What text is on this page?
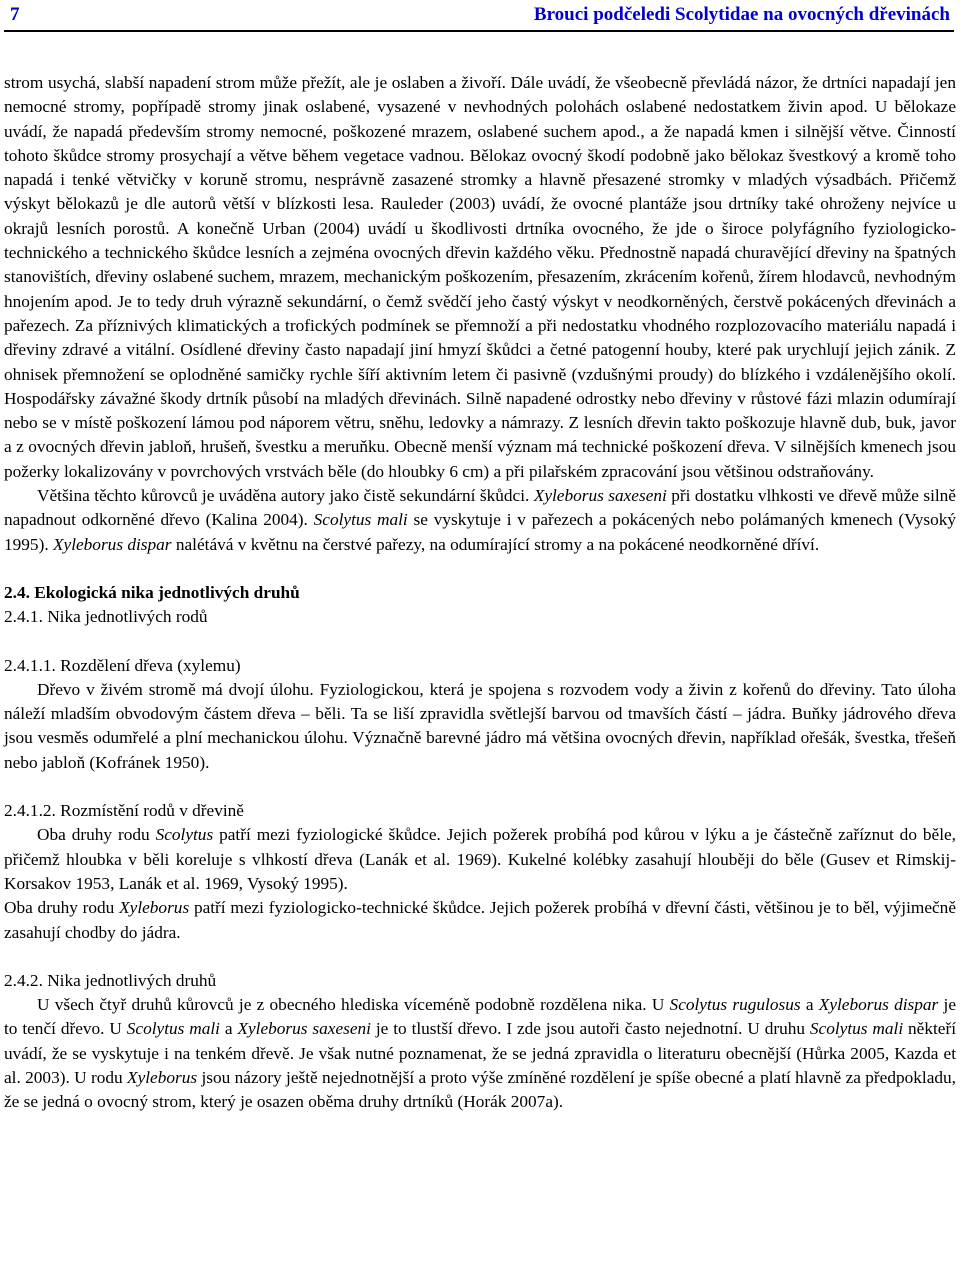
7	Brouci podčeledi Scolytidae na ovocných dřevinách

strom usychá, slabší napadení strom může přežít, ale je oslaben a živoří. Dále uvádí, že všeobecně převládá názor, že drtníci napadají jen nemocné stromy, popřípadě stromy jinak oslabené, vysazené v nevhodných polohách oslabené nedostatkem živin apod. U bělokaze uvádí, že napadá především stromy nemocné, poškozené mrazem, oslabené suchem apod., a že napadá kmen i silnější větve. Činností tohoto škůdce stromy prosychají a větve během vegetace vadnou. Bělokaz ovocný škodí podobně jako bělokaz švestkový a kromě toho napadá i tenké větvičky v koruně stromu, nesprávně zasazené stromky a hlavně přesazené stromky v mladých výsadbách. Přičemž výskyt bělokazů je dle autorů větší v blízkosti lesa. Rauleder (2003) uvádí, že ovocné plantáže jsou drtníky také ohroženy nejvíce u okrajů lesních porostů. A konečně Urban (2004) uvádí u škodlivosti drtníka ovocného, že jde o široce polyfágního fyziologicko-technického a technického škůdce lesních a zejména ovocných dřevin každého věku. Přednostně napadá churavějící dřeviny na špatných stanovištích, dřeviny oslabené suchem, mrazem, mechanickým poškozením, přesazením, zkrácením kořenů, žírem hlodavců, nevhodným hnojením apod. Je to tedy druh výrazně sekundární, o čemž svědčí jeho častý výskyt v neodkorněných, čerstvě pokácených dřevinách a pařezech. Za příznivých klimatických a trofických podmínek se přemnoží a při nedostatku vhodného rozplozovacího materiálu napadá i dřeviny zdravé a vitální. Osídlené dřeviny často napadají jiní hmyzí škůdci a četné patogenní houby, které pak urychlují jejich zánik. Z ohnisek přemnožení se oplodněné samičky rychle šíří aktivním letem či pasivně (vzdušnými proudy) do blízkého i vzdálenějšího okolí. Hospodářsky závažné škody drtník působí na mladých dřevinách. Silně napadené odrostky nebo dřeviny v růstové fázi mlazin odumírají nebo se v místě poškození lámou pod náporem větru, sněhu, ledovky a námrazy. Z lesních dřevin takto poškozuje hlavně dub, buk, javor a z ovocných dřevin jabloň, hrušeň, švestku a meruňku. Obecně menší význam má technické poškození dřeva. V silnějších kmenech jsou požerky lokalizovány v povrchových vrstvách běle (do hloubky 6 cm) a při pilařském zpracování jsou většinou odstraňovány.

Většina těchto kůrovců je uváděna autory jako čistě sekundární škůdci. Xyleborus saxeseni při dostatku vlhkosti ve dřevě může silně napadnout odkorněné dřevo (Kalina 2004). Scolytus mali se vyskytuje i v pařezech a pokácených nebo polámaných kmenech (Vysoký 1995). Xyleborus dispar nalétává v květnu na čerstvé pařezy, na odumírající stromy a na pokácené neodkorněné dříví.

2.4. Ekologická nika jednotlivých druhů

2.4.1. Nika jednotlivých rodů

2.4.1.1. Rozdělení dřeva (xylemu)

Dřevo v živém stromě má dvojí úlohu. Fyziologickou, která je spojena s rozvodem vody a živin z kořenů do dřeviny. Tato úloha náleží mladším obvodovým částem dřeva – běli. Ta se liší zpravidla světlejší barvou od tmavších částí – jádra. Buňky jádrového dřeva jsou vesměs odumřelé a plní mechanickou úlohu. Význačně barevné jádro má většina ovocných dřevin, například ořešák, švestka, třešeň nebo jabloň (Kofránek 1950).

2.4.1.2. Rozmístění rodů v dřevině

Oba druhy rodu Scolytus patří mezi fyziologické škůdce. Jejich požerek probíhá pod kůrou v lýku a je částečně zaříznut do běle, přičemž hloubka v běli koreluje s vlhkostí dřeva (Lanák et al. 1969). Kukelné kolébky zasahují hlouběji do běle (Gusev et Rimskij-Korsakov 1953, Lanák et al. 1969, Vysoký 1995).

Oba druhy rodu Xyleborus patří mezi fyziologicko-technické škůdce. Jejich požerek probíhá v dřevní části, většinou je to běl, výjimečně zasahují chodby do jádra.

2.4.2. Nika jednotlivých druhů

U všech čtyř druhů kůrovců je z obecného hlediska víceméně podobně rozdělena nika. U Scolytus rugulosus a Xyleborus dispar je to tenčí dřevo. U Scolytus mali a Xyleborus saxeseni je to tlustší dřevo. I zde jsou autoři často nejednotní. U druhu Scolytus mali někteří uvádí, že se vyskytuje i na tenkém dřevě. Je však nutné poznamenat, že se jedná zpravidla o literaturu obecnější (Hůrka 2005, Kazda et al. 2003). U rodu Xyleborus jsou názory ještě nejednotnější a proto výše zmíněné rozdělení je spíše obecné a platí hlavně za předpokladu, že se jedná o ovocný strom, který je osazen oběma druhy drtníků (Horák 2007a).
